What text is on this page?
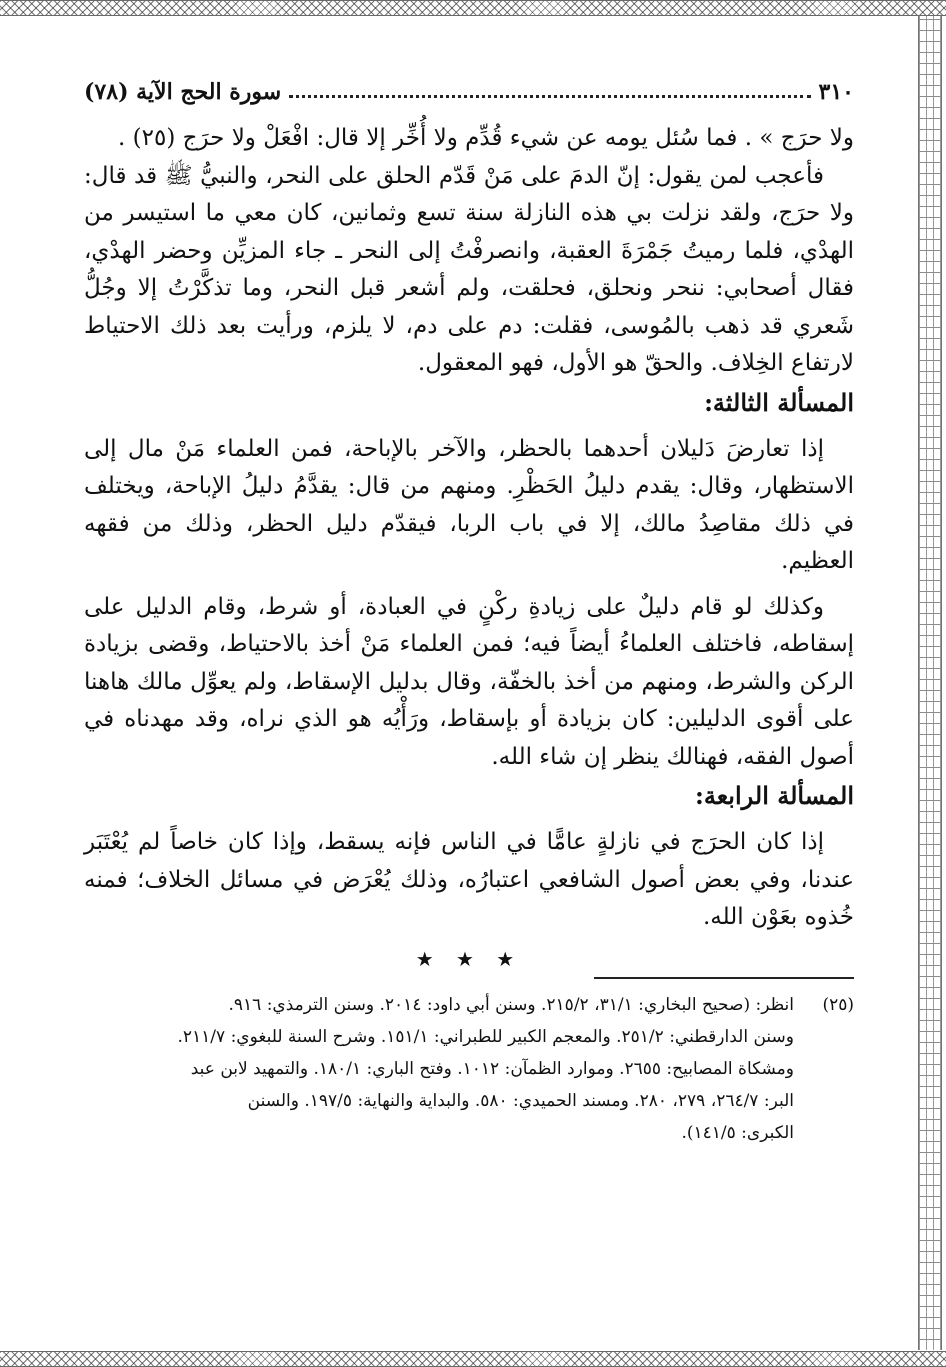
٣١٠
سورة الحج الآية (٧٨)

ولا حرَج » . فما سُئل يومه عن شيء قُدِّم ولا أُخِّر إلا قال: افْعَلْ ولا حرَج (٢٥) .

فأعجب لمن يقول: إنّ الدمَ على مَنْ قَدّم الحلق على النحر، والنبيُّ ﷺ قد قال: ولا حرَج، ولقد نزلت بي هذه النازلة سنة تسع وثمانين، كان معي ما استيسر من الهدْي، فلما رميتُ جَمْرَةَ العقبة، وانصرفْتُ إلى النحر ـ جاء المزيِّن وحضر الهدْي، فقال أصحابي: ننحر ونحلق، فحلقت، ولم أشعر قبل النحر، وما تذكَّرْتُ إلا وجُلُّ شَعري قد ذهب بالمُوسى، فقلت: دم على دم، لا يلزم، ورأيت بعد ذلك الاحتياط لارتفاع الخِلاف. والحقّ هو الأول، فهو المعقول.

المسألة الثالثة:

إذا تعارضَ دَليلان أحدهما بالحظر، والآخر بالإباحة، فمن العلماء مَنْ مال إلى الاستظهار، وقال: يقدم دليلُ الحَظْرِ. ومنهم من قال: يقدَّمُ دليلُ الإباحة، ويختلف في ذلك مقاصِدُ مالك، إلا في باب الربا، فيقدّم دليل الحظر، وذلك من فقهه العظيم.

وكذلك لو قام دليلٌ على زيادةِ ركْنٍ في العبادة، أو شرط، وقام الدليل على إسقاطه، فاختلف العلماءُ أيضاً فيه؛ فمن العلماء مَنْ أخذ بالاحتياط، وقضى بزيادة الركن والشرط، ومنهم من أخذ بالخفّة، وقال بدليل الإسقاط، ولم يعوِّل مالك هاهنا على أقوى الدليلين: كان بزيادة أو بإسقاط، ورَأْيُه هو الذي نراه، وقد مهدناه في أصول الفقه، فهنالك ينظر إن شاء الله.

المسألة الرابعة:

إذا كان الحرَج في نازلةٍ عامًّا في الناس فإنه يسقط، وإذا كان خاصاً لم يُعْتَبَر عندنا، وفي بعض أصول الشافعي اعتبارُه، وذلك يُعْرَض في مسائل الخلاف؛ فمنه خُذوه بعَوْن الله.

★ ★ ★
(٢٥)

انظر: (صحيح البخاري: ٣١/١، ٢١٥/٢. وسنن أبي داود: ٢٠١٤. وسنن الترمذي: ٩١٦.

وسنن الدارقطني: ٢٥١/٢. والمعجم الكبير للطبراني: ١٥١/١. وشرح السنة للبغوي: ٢١١/٧.

ومشكاة المصابيح: ٢٦٥٥. وموارد الظمآن: ١٠١٢. وفتح الباري: ١٨٠/١. والتمهيد لابن عبد

البر: ٢٦٤/٧، ٢٧٩، ٢٨٠. ومسند الحميدي: ٥٨٠. والبداية والنهاية: ١٩٧/٥. والسنن

الكبرى: ١٤١/٥).
